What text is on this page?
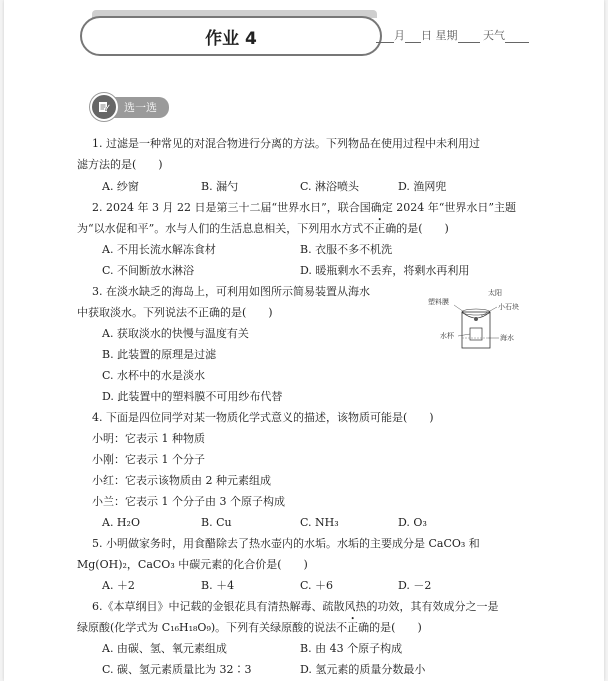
作业 4	月 日 星期 天气
选一选
1. 过滤是一种常见的对混合物进行分离的方法。下列物品在使用过程中未利用过
滤方法的是(　　)
A. 纱窗	B. 漏勺	C. 淋浴喷头	D. 渔网兜
2. 2024 年 3 月 22 日是第三十二届“世界水日”，联合国确定 2024 年“世界水日”主题
为“以水促和平”。水与人们的生活息息相关，下列用水方式不正确的是(　　)
A. 不用长流水解冻食材	B. 衣服不多不机洗
C. 不间断放水淋浴	D. 暖瓶剩水不丢弃，将剩水再利用
3. 在淡水缺乏的海岛上，可利用如图所示简易装置从海水
中获取淡水。下列说法不正确的是(　　)
A. 获取淡水的快慢与温度有关
B. 此装置的原理是过滤
C. 水杯中的水是淡水
D. 此装置中的塑料膜不可用纱布代替
太阳
塑料膜
小石块
水杯	海水
4. 下面是四位同学对某一物质化学式意义的描述，该物质可能是(　　)
小明：它表示 1 种物质
小刚：它表示 1 个分子
小红：它表示该物质由 2 种元素组成
小兰：它表示 1 个分子由 3 个原子构成
A. H₂O	B. Cu	C. NH₃	D. O₃
5. 小明做家务时，用食醋除去了热水壶内的水垢。水垢的主要成分是 CaCO₃ 和
Mg(OH)₂，CaCO₃ 中碳元素的化合价是(　　)
A. ＋2	B. ＋4	C. ＋6	D. －2
6.《本草纲目》中记载的金银花具有清热解毒、疏散风热的功效，其有效成分之一是
绿原酸(化学式为 C₁₆H₁₈O₉)。下列有关绿原酸的说法不正确的是(　　)
A. 由碳、氢、氧元素组成	B. 由 43 个原子构成
C. 碳、氢元素质量比为 32∶3	D. 氢元素的质量分数最小
